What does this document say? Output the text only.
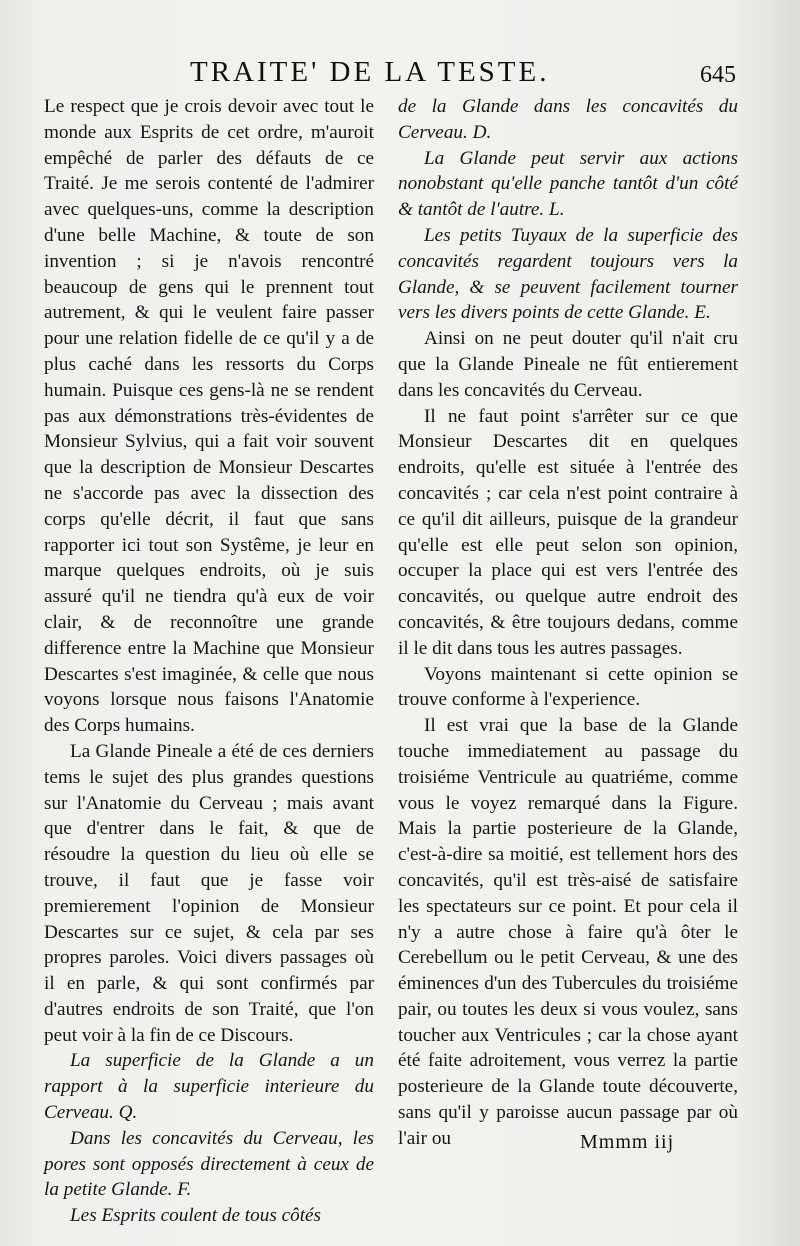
TRAITE' DE LA TESTE.	645

Le respect que je crois devoir avec tout le monde aux Esprits de cet ordre, m'auroit empêché de parler des défauts de ce Traité. Je me serois contenté de l'admirer avec quelques-uns, comme la description d'une belle Machine, & toute de son invention ; si je n'avois rencontré beaucoup de gens qui le prennent tout autrement, & qui le veulent faire passer pour une relation fidelle de ce qu'il y a de plus caché dans les ressorts du Corps humain. Puisque ces gens-là ne se rendent pas aux démonstrations très-évidentes de Monsieur Sylvius, qui a fait voir souvent que la description de Monsieur Descartes ne s'accorde pas avec la dissection des corps qu'elle décrit, il faut que sans rapporter ici tout son Systême, je leur en marque quelques endroits, où je suis assuré qu'il ne tiendra qu'à eux de voir clair, & de reconnoître une grande difference entre la Machine que Monsieur Descartes s'est imaginée, & celle que nous voyons lorsque nous faisons l'Anatomie des Corps humains.

La Glande Pineale a été de ces derniers tems le sujet des plus grandes questions sur l'Anatomie du Cerveau ; mais avant que d'entrer dans le fait, & que de résoudre la question du lieu où elle se trouve, il faut que je fasse voir premierement l'opinion de Monsieur Descartes sur ce sujet, & cela par ses propres paroles. Voici divers passages où il en parle, & qui sont confirmés par d'autres endroits de son Traité, que l'on peut voir à la fin de ce Discours.

La superficie de la Glande a un rapport à la superficie interieure du Cerveau. Q.

Dans les concavités du Cerveau, les pores sont opposés directement à ceux de la petite Glande. F.

Les Esprits coulent de tous côtés

de la Glande dans les concavités du Cerveau. D.

La Glande peut servir aux actions nonobstant qu'elle panche tantôt d'un côté & tantôt de l'autre. L.

Les petits Tuyaux de la superficie des concavités regardent toujours vers la Glande, & se peuvent facilement tourner vers les divers points de cette Glande. E.

Ainsi on ne peut douter qu'il n'ait cru que la Glande Pineale ne fût entierement dans les concavités du Cerveau.

Il ne faut point s'arrêter sur ce que Monsieur Descartes dit en quelques endroits, qu'elle est située à l'entrée des concavités ; car cela n'est point contraire à ce qu'il dit ailleurs, puisque de la grandeur qu'elle est elle peut selon son opinion, occuper la place qui est vers l'entrée des concavités, ou quelque autre endroit des concavités, & être toujours dedans, comme il le dit dans tous les autres passages.

Voyons maintenant si cette opinion se trouve conforme à l'experience.

Il est vrai que la base de la Glande touche immediatement au passage du troisiéme Ventricule au quatriéme, comme vous le voyez remarqué dans la Figure. Mais la partie posterieure de la Glande, c'est-à-dire sa moitié, est tellement hors des concavités, qu'il est très-aisé de satisfaire les spectateurs sur ce point. Et pour cela il n'y a autre chose à faire qu'à ôter le Cerebellum ou le petit Cerveau, & une des éminences d'un des Tubercules du troisiéme pair, ou toutes les deux si vous voulez, sans toucher aux Ventricules ; car la chose ayant été faite adroitement, vous verrez la partie posterieure de la Glande toute découverte, sans qu'il y paroisse aucun passage par où l'air ou	Mmmm iij
